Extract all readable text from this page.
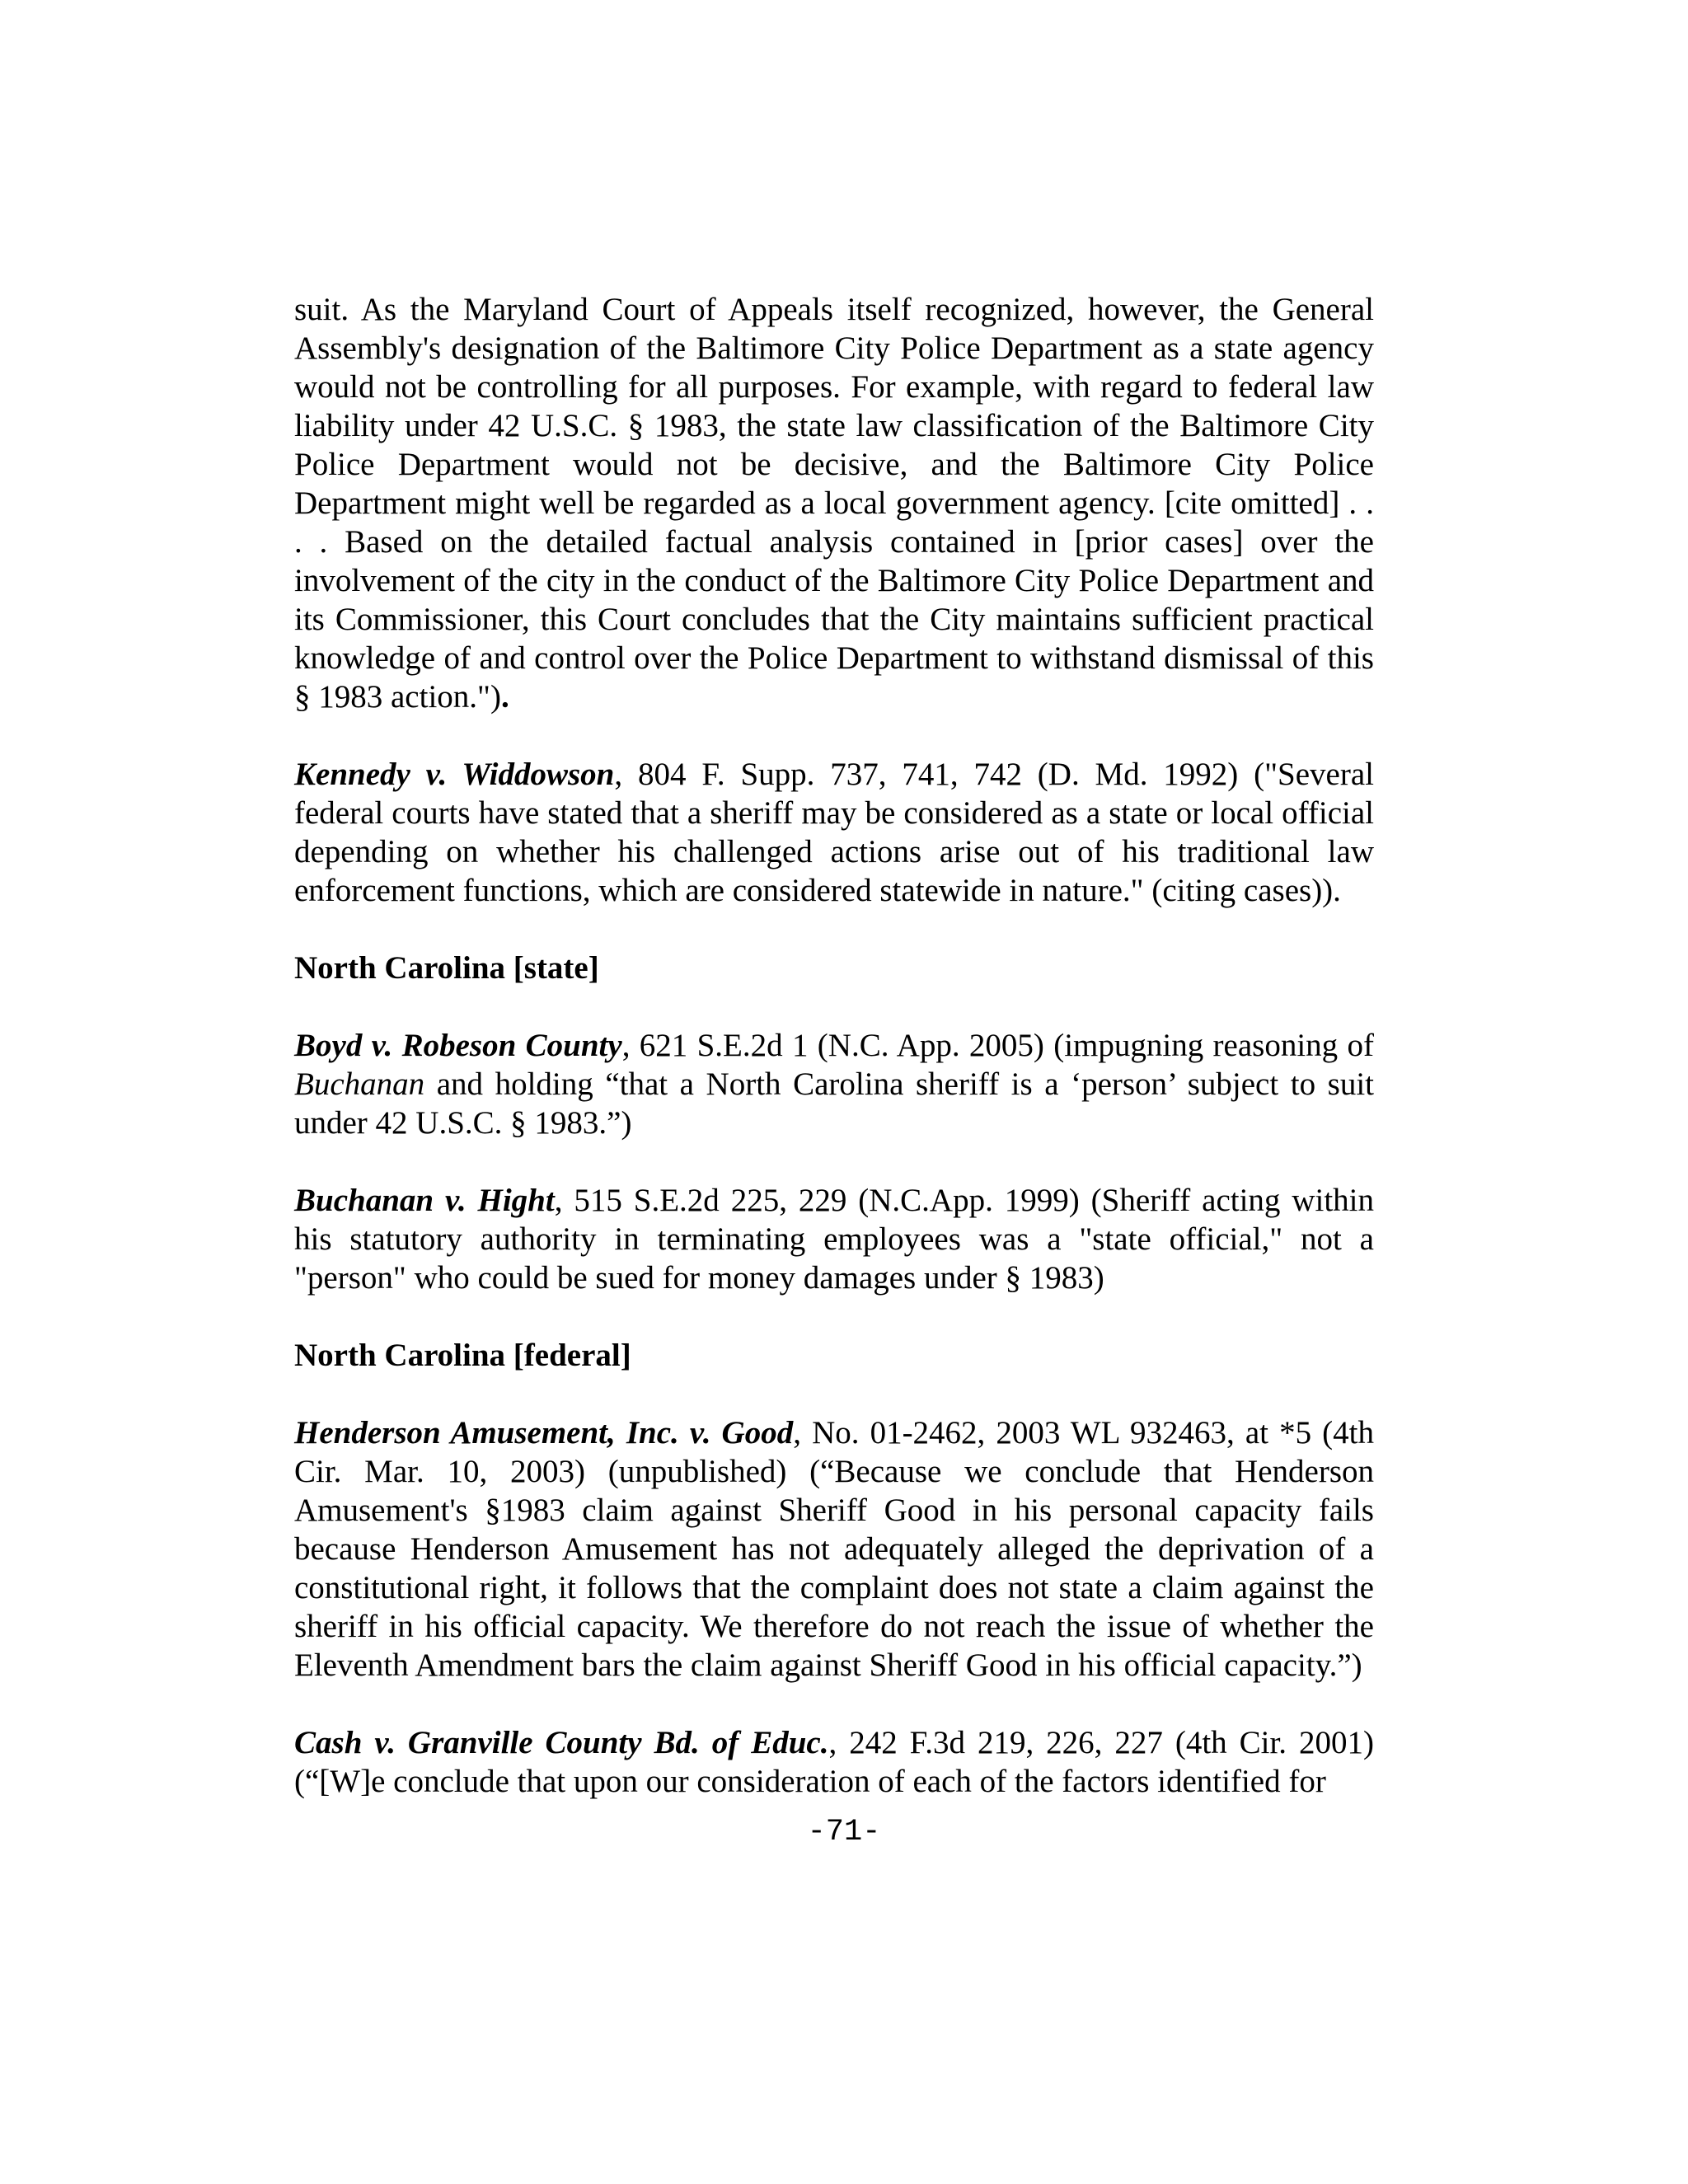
suit. As the Maryland Court of Appeals itself recognized, however, the General Assembly's designation of the Baltimore City Police Department as a state agency would not be controlling for all purposes. For example, with regard to federal law liability under 42 U.S.C. § 1983, the state law classification of the Baltimore City Police Department would not be decisive, and the Baltimore City Police Department might well be regarded as a local government agency. [cite omitted] . . . . Based on the detailed factual analysis contained in [prior cases] over the involvement of the city in the conduct of the Baltimore City Police Department and its Commissioner, this Court concludes that the City maintains sufficient practical knowledge of and control over the Police Department to withstand dismissal of this § 1983 action.").

Kennedy v. Widdowson, 804 F. Supp. 737, 741, 742 (D. Md. 1992) ("Several federal courts have stated that a sheriff may be considered as a state or local official depending on whether his challenged actions arise out of his traditional law enforcement functions, which are considered statewide in nature." (citing cases)).

North Carolina [state]

Boyd v. Robeson County, 621 S.E.2d 1 (N.C. App. 2005) (impugning reasoning of Buchanan and holding “that a North Carolina sheriff is a ‘person’ subject to suit under 42 U.S.C. § 1983.”)

Buchanan v. Hight, 515 S.E.2d 225, 229 (N.C.App. 1999) (Sheriff acting within his statutory authority in terminating employees was a "state official," not a "person" who could be sued for money damages under § 1983)

North Carolina [federal]

Henderson Amusement, Inc. v. Good, No. 01-2462, 2003 WL 932463, at *5 (4th Cir. Mar. 10, 2003) (unpublished) (“Because we conclude that Henderson Amusement's §1983 claim against Sheriff Good in his personal capacity fails because Henderson Amusement has not adequately alleged the deprivation of a constitutional right, it follows that the complaint does not state a claim against the sheriff in his official capacity. We therefore do not reach the issue of whether the Eleventh Amendment bars the claim against Sheriff Good in his official capacity.”)

Cash v. Granville County Bd. of Educ., 242 F.3d 219, 226, 227 (4th Cir. 2001) (“[W]e conclude that upon our consideration of each of the factors identified for

-71-
